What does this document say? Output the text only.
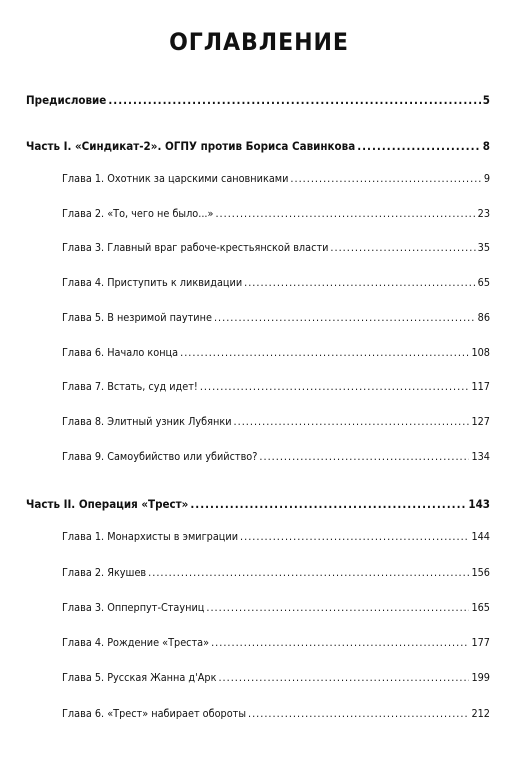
ОГЛАВЛЕНИЕ
Предисловие .....	5
Часть I. «Синдикат-2». ОГПУ против Бориса Савинкова .....	8
Глава 1. Охотник за царскими сановниками .....	9
Глава 2. «То, чего не было...» .....	23
Глава 3. Главный враг рабоче-крестьянской власти .....	35
Глава 4. Приступить к ликвидации .....	65
Глава 5. В незримой паутине .....	86
Глава 6. Начало конца .....	108
Глава 7. Встать, суд идет! .....	117
Глава 8. Элитный узник Лубянки .....	127
Глава 9. Самоубийство или убийство? .....	134
Часть II. Операция «Трест» .....	143
Глава 1. Монархисты в эмиграции .....	144
Глава 2. Якушев .....	156
Глава 3. Опперпут-Стауниц .....	165
Глава 4. Рождение «Треста» .....	177
Глава 5. Русская Жанна д'Арк .....	199
Глава 6. «Трест» набирает обороты .....	212
